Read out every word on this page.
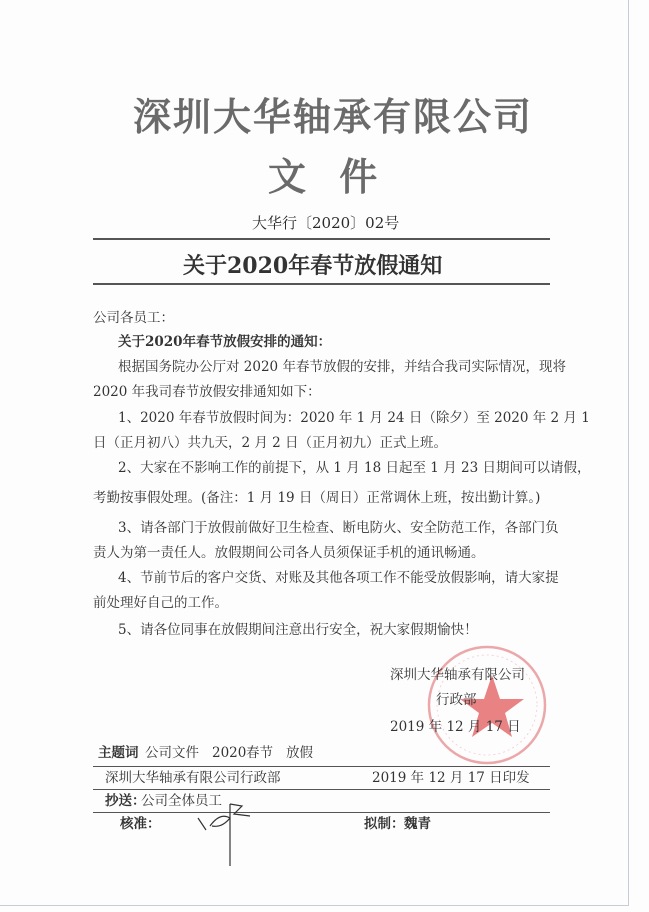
深圳大华轴承有限公司
文 件
大华行〔2020〕02号
关于2020年春节放假通知
公司各员工：
关于2020年春节放假安排的通知：
根据国务院办公厅对 2020 年春节放假的安排，并结合我司实际情况，现将
2020 年我司春节放假安排通知如下：
1、2020 年春节放假时间为：2020 年 1 月 24 日（除夕）至 2020 年 2 月 1
日（正月初八）共九天，2 月 2 日（正月初九）正式上班。
2、大家在不影响工作的前提下，从 1 月 18 日起至 1 月 23 日期间可以请假，
考勤按事假处理。(备注：1 月 19 日（周日）正常调休上班，按出勤计算。)
3、请各部门于放假前做好卫生检查、断电防火、安全防范工作，各部门负
责人为第一责任人。放假期间公司各人员须保证手机的通讯畅通。
4、节前节后的客户交货、对账及其他各项工作不能受放假影响，请大家提
前处理好自己的工作。
5、请各位同事在放假期间注意出行安全，祝大家假期愉快！
深圳大华轴承有限公司
行政部
2019 年 12 月 17 日
主题词 公司文件 2020 春节 放假
深圳大华轴承有限公司行政部	2019 年 12 月 17 日印发
抄送：
公司全体员工
核准：	拟制： 魏青
